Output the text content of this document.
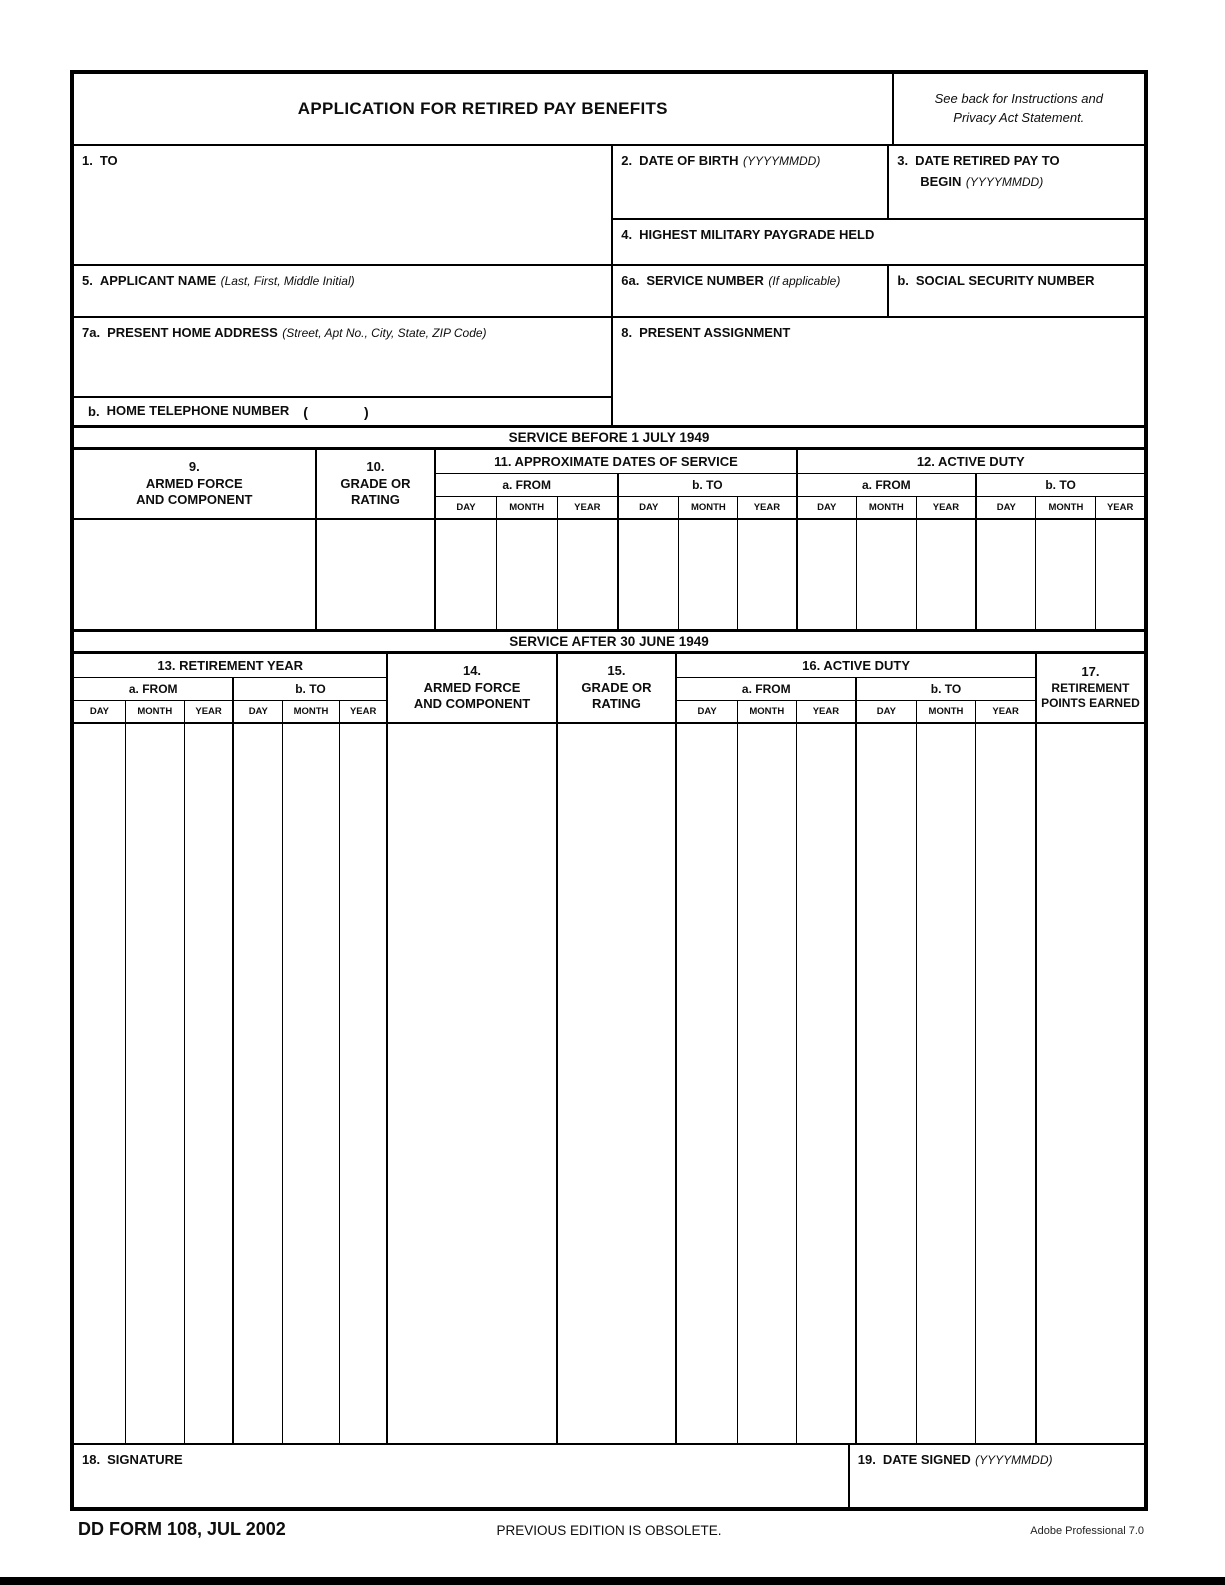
APPLICATION FOR RETIRED PAY BENEFITS
See back for Instructions and
Privacy Act Statement.
1. TO	2. DATE OF BIRTH (YYYYMMDD)	3. DATE RETIRED PAY TO
BEGIN (YYYYMMDD)
4. HIGHEST MILITARY PAYGRADE HELD
5. APPLICANT NAME (Last, First, Middle Initial)	6a. SERVICE NUMBER (If applicable)	b. SOCIAL SECURITY NUMBER
7a. PRESENT HOME ADDRESS (Street, Apt No., City, State, ZIP Code)
b. HOME TELEPHONE NUMBER (	)
8. PRESENT ASSIGNMENT
SERVICE BEFORE 1 JULY 1949
9.
ARMED FORCE
AND COMPONENT	10.
GRADE OR
RATING	11. APPROXIMATE DATES OF SERVICE						12. ACTIVE DUTY					
		a. FROM			b. TO			a. FROM			b. TO		
		DAY	MONTH	YEAR	DAY	MONTH	YEAR	DAY	MONTH	YEAR	DAY	MONTH	YEAR

SERVICE AFTER 30 JUNE 1949
13. RETIREMENT YEAR						14.
ARMED FORCE
AND COMPONENT	15.
GRADE OR
RATING	16. ACTIVE DUTY						17.
RETIREMENT
POINTS EARNED

a. FROM			b. TO					a. FROM			b. TO			
DAY	MONTH	YEAR	DAY	MONTH	YEAR			DAY	MONTH	YEAR	DAY	MONTH	YEAR	

18. SIGNATURE	19. DATE SIGNED (YYYYMMDD)
DD FORM 108, JUL 2002	PREVIOUS EDITION IS OBSOLETE.	Adobe Professional 7.0
